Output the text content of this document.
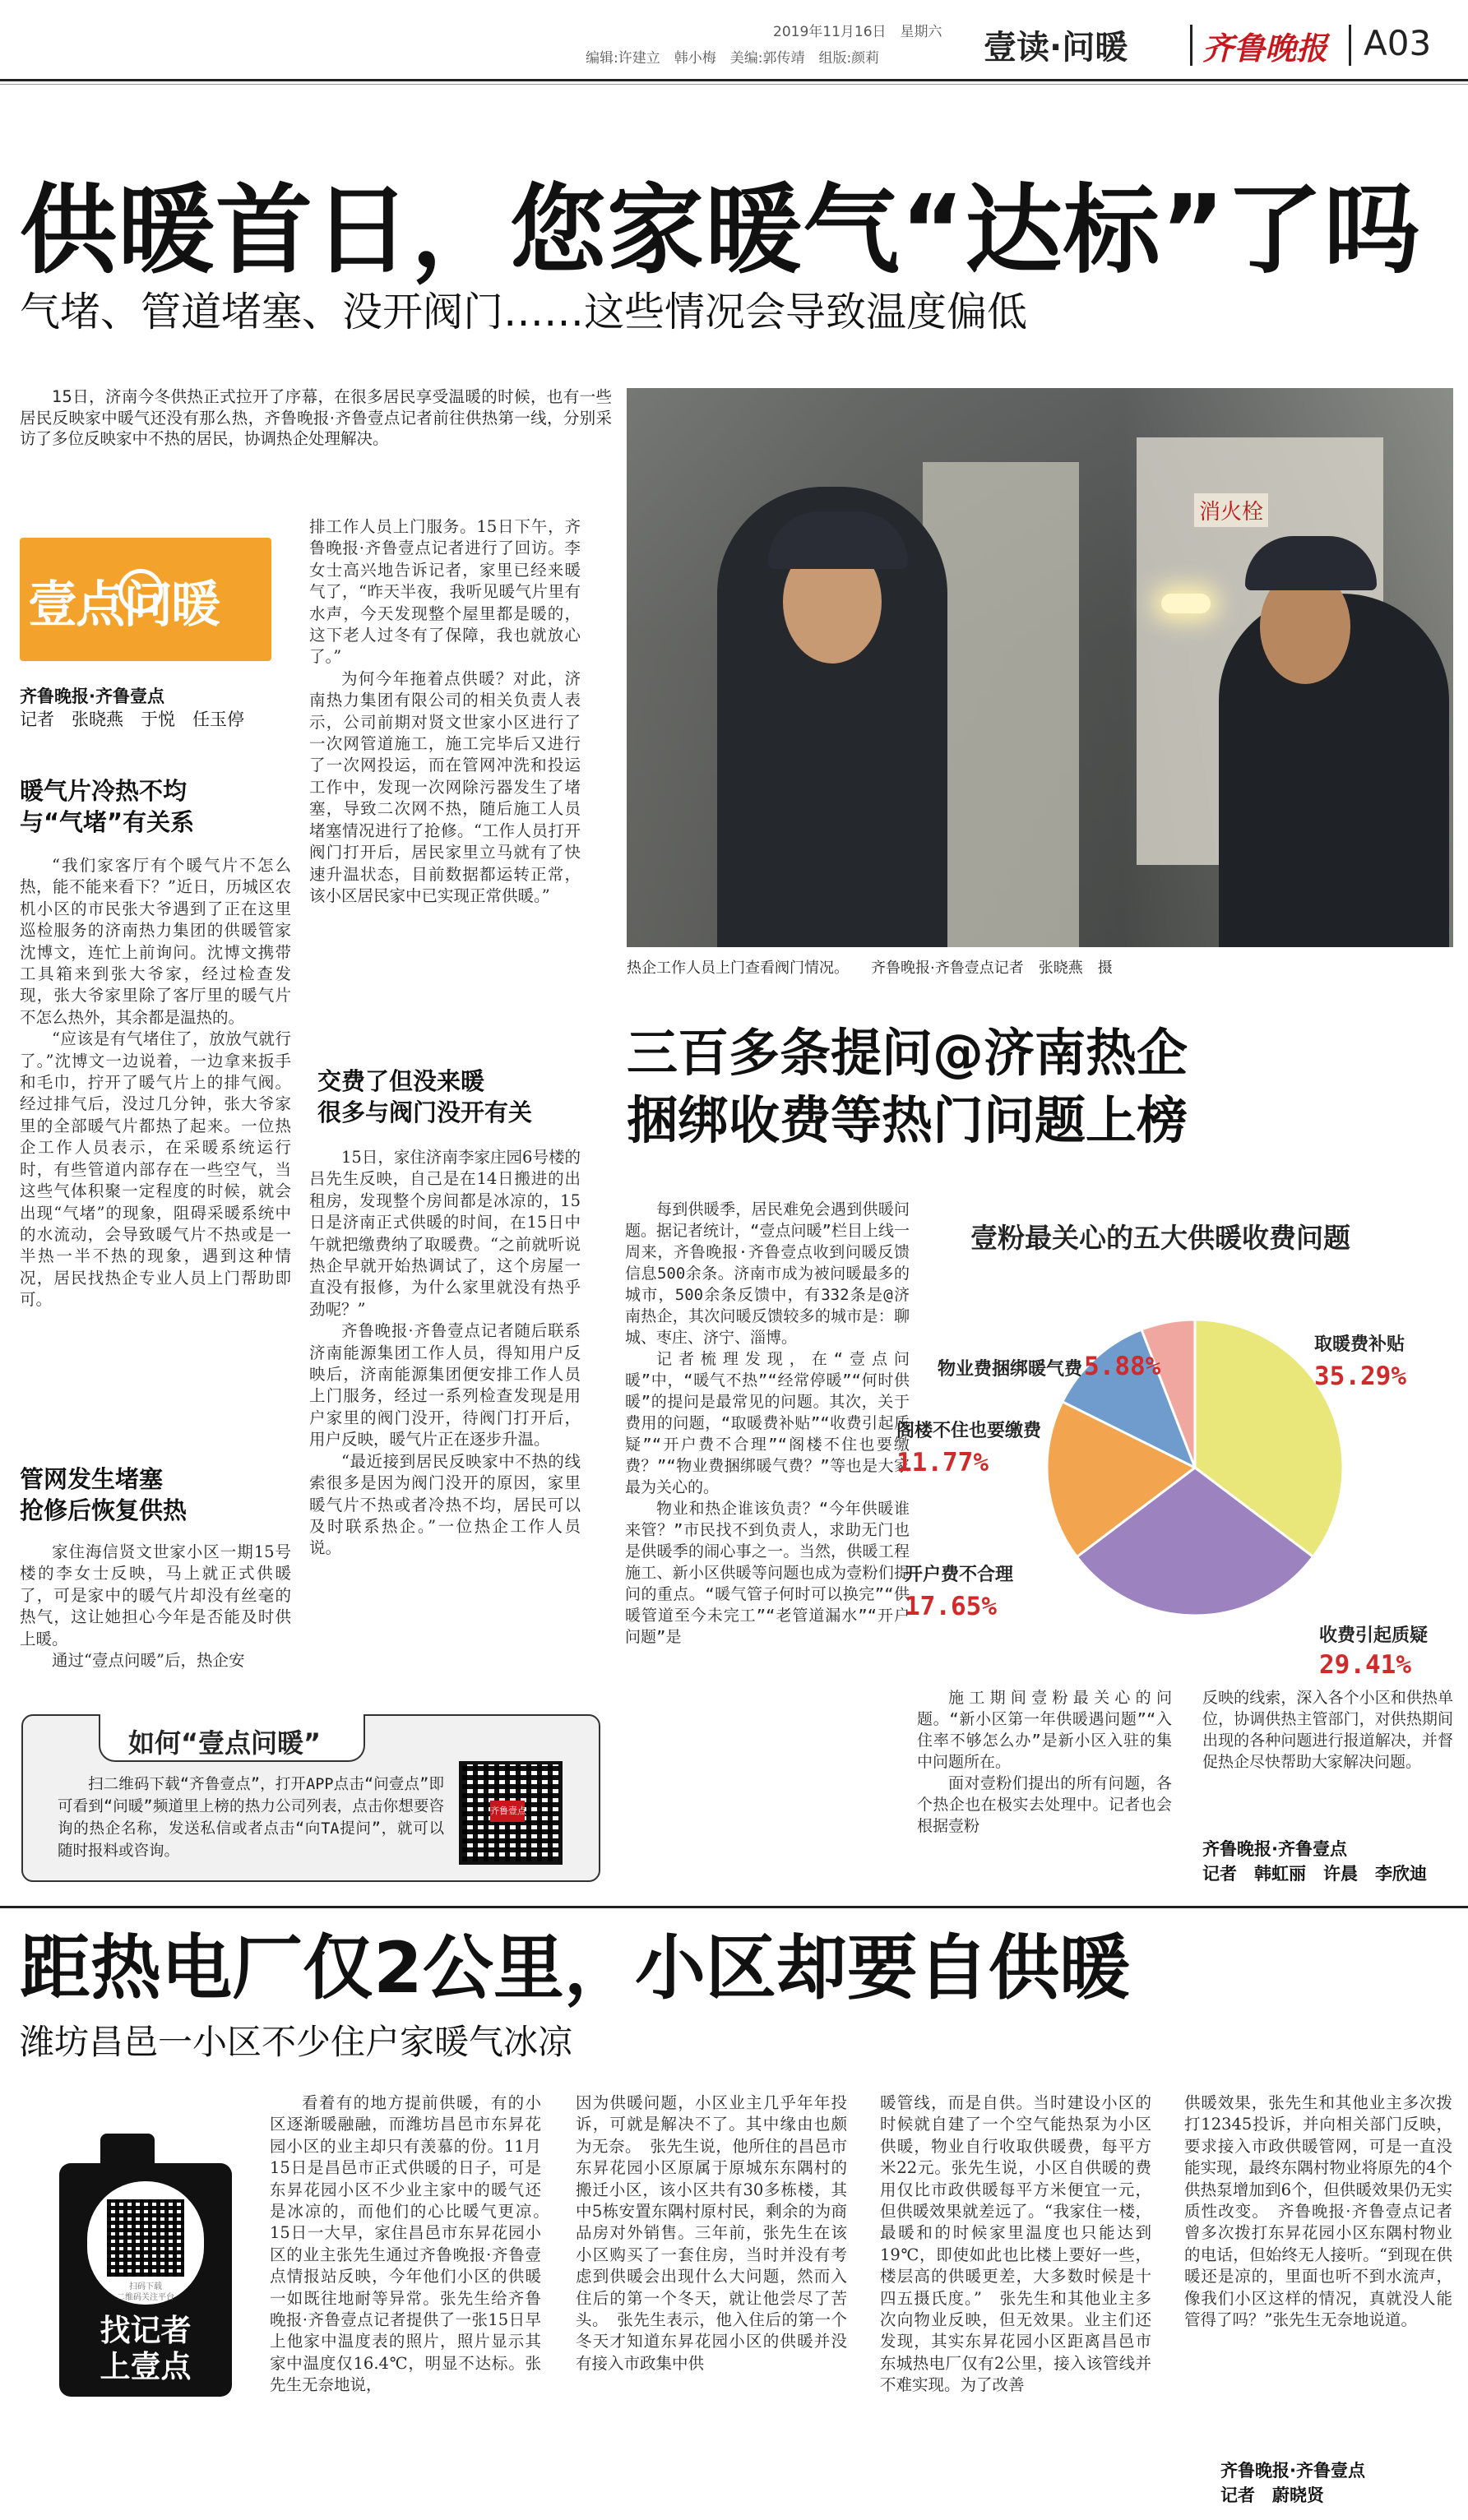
2019年11月16日　 星期六
编辑:许建立　韩小梅　美编:郭传靖　组版:颜莉	壹读·问暖 齐鲁晚报 A03
供暖首日，您家暖气“达标”了吗
气堵、管道堵塞、没开阀门……这些情况会导致温度偏低

15日，济南今冬供热正式拉开了序幕，在很多居民享受温暖的时候，也有一些居民反映家中暖气还没有那么热，齐鲁晚报·齐鲁壹点记者前往供热第一线，分别采访了多位反映家中不热的居民，协调热企处理解决。

壹点问暖
齐鲁晚报·齐鲁壹点
记者　张晓燕　于悦　任玉停
暖气片冷热不均
与“气堵”有关系

“我们家客厅有个暖气片不怎么热，能不能来看下？”近日，历城区农机小区的市民张大爷遇到了正在这里巡检服务的济南热力集团的供暖管家沈博文，连忙上前询问。沈博文携带工具箱来到张大爷家，经过检查发现，张大爷家里除了客厅里的暖气片不怎么热外，其余都是温热的。

“应该是有气堵住了，放放气就行了。”沈博文一边说着，一边拿来扳手和毛巾，拧开了暖气片上的排气阀。经过排气后，没过几分钟，张大爷家里的全部暖气片都热了起来。一位热企工作人员表示，在采暖系统运行时，有些管道内部存在一些空气，当这些气体积聚一定程度的时候，就会出现“气堵”的现象，阻碍采暖系统中的水流动，会导致暖气片不热或是一半热一半不热的现象，遇到这种情况，居民找热企专业人员上门帮助即可。

管网发生堵塞
抢修后恢复供热

家住海信贤文世家小区一期15号楼的李女士反映，马上就正式供暖了，可是家中的暖气片却没有丝毫的热气，这让她担心今年是否能及时供上暖。

通过“壹点问暖”后，热企安

排工作人员上门服务。15日下午，齐鲁晚报·齐鲁壹点记者进行了回访。李女士高兴地告诉记者，家里已经来暖气了，“昨天半夜，我听见暖气片里有水声，今天发现整个屋里都是暖的，这下老人过冬有了保障，我也就放心了。”

为何今年拖着点供暖？对此，济南热力集团有限公司的相关负责人表示，公司前期对贤文世家小区进行了一次网管道施工，施工完毕后又进行了一次网投运，而在管网冲洗和投运工作中，发现一次网除污器发生了堵塞，导致二次网不热，随后施工人员堵塞情况进行了抢修。“工作人员打开阀门打开后，居民家里立马就有了快速升温状态，目前数据都运转正常，该小区居民家中已实现正常供暖。”

交费了但没来暖
很多与阀门没开有关

15日，家住济南李家庄园6号楼的吕先生反映，自己是在14日搬进的出租房，发现整个房间都是冰凉的，15日是济南正式供暖的时间，在15日中午就把缴费纳了取暖费。“之前就听说热企早就开始热调试了，这个房屋一直没有报修，为什么家里就没有热乎劲呢？”

齐鲁晚报·齐鲁壹点记者随后联系济南能源集团工作人员，得知用户反映后，济南能源集团便安排工作人员上门服务，经过一系列检查发现是用户家里的阀门没开，待阀门打开后，用户反映，暖气片正在逐步升温。

“最近接到居民反映家中不热的线索很多是因为阀门没开的原因，家里暖气片不热或者冷热不均，居民可以及时联系热企。”一位热企工作人员说。

消火栓
热企工作人员上门查看阀门情况。　　齐鲁晚报·齐鲁壹点记者　张晓燕　摄
三百多条提问@济南热企
捆绑收费等热门问题上榜

每到供暖季，居民难免会遇到供暖问题。据记者统计，“壹点问暖”栏目上线一周来，齐鲁晚报·齐鲁壹点收到问暖反馈信息500余条。济南市成为被问暖最多的城市，500余条反馈中，有332条是@济南热企，其次问暖反馈较多的城市是：聊城、枣庄、济宁、淄博。

记者梳理发现，在“壹点问暖”中，“暖气不热”“经常停暖”“何时供暖”的提问是最常见的问题。其次，关于费用的问题，“取暖费补贴”“收费引起质疑”“开户费不合理”“阁楼不住也要缴费？”“物业费捆绑暖气费？”等也是大家最为关心的。

物业和热企谁该负责？“今年供暖谁来管？”市民找不到负责人，求助无门也是供暖季的闹心事之一。当然，供暖工程施工、新小区供暖等问题也成为壹粉们提问的重点。“暖气管子何时可以换完”“供暖管道至今未完工”“老管道漏水”“开户问题”是

壹粉最关心的五大供暖收费问题
取暖费补贴
35.29%
收费引起质疑
29.41%
开户费不合理
17.65%
阁楼不住也要缴费
11.77%
物业费捆绑暖气费 5.88%

施工期间壹粉最关心的问题。“新小区第一年供暖遇问题”“入住率不够怎么办”是新小区入驻的集中问题所在。

面对壹粉们提出的所有问题，各个热企也在极实去处理中。记者也会根据壹粉

反映的线索，深入各个小区和供热单位，协调供热主管部门，对供热期间出现的各种问题进行报道解决，并督促热企尽快帮助大家解决问题。

齐鲁晚报·齐鲁壹点
记者　韩虹丽　许晨　李欣迪
如何“壹点问暖”

扫二维码下载“齐鲁壹点”，打开APP点击“问壹点”即可看到“问暖”频道里上榜的热力公司列表，点击你想要咨询的热企名称，发送私信或者点击“向TA提问”，就可以随时报料或咨询。

齐鲁壹点
距热电厂仅2公里，小区却要自供暖
潍坊昌邑一小区不少住户家暖气冰凉
扫码下载
二维码关注平台
找记者
上壹点

看着有的地方提前供暖，有的小区逐渐暖融融，而潍坊昌邑市东昇花园小区的业主却只有羡慕的份。11月15日是昌邑市正式供暖的日子，可是东昇花园小区不少业主家中的暖气还是冰凉的，而他们的心比暖气更凉。　15日一大早，家住昌邑市东昇花园小区的业主张先生通过齐鲁晚报·齐鲁壹点情报站反映，今年他们小区的供暖一如既往地耐等异常。张先生给齐鲁晚报·齐鲁壹点记者提供了一张15日早上他家中温度表的照片，照片显示其家中温度仅16.4℃，明显不达标。张先生无奈地说，

因为供暖问题，小区业主几乎年年投诉，可就是解决不了。其中缘由也颇为无奈。　张先生说，他所住的昌邑市东昇花园小区原属于原城东东隅村的搬迁小区，该小区共有30多栋楼，其中5栋安置东隅村原村民，剩余的为商品房对外销售。三年前，张先生在该小区购买了一套住房，当时并没有考虑到供暖会出现什么大问题，然而入住后的第一个冬天，就让他尝尽了苦头。　张先生表示，他入住后的第一个冬天才知道东昇花园小区的供暖并没有接入市政集中供

暖管线，而是自供。当时建设小区的时候就自建了一个空气能热泵为小区供暖，物业自行收取供暖费，每平方米22元。张先生说，小区自供暖的费用仅比市政供暖每平方米便宜一元，但供暖效果就差远了。“我家住一楼，最暖和的时候家里温度也只能达到19℃，即使如此也比楼上要好一些，楼层高的供暖更差，大多数时候是十四五摄氏度。”　张先生和其他业主多次向物业反映，但无效果。业主们还发现，其实东昇花园小区距离昌邑市东城热电厂仅有2公里，接入该管线并不难实现。为了改善

供暖效果，张先生和其他业主多次拨打12345投诉，并向相关部门反映，要求接入市政供暖管网，可是一直没能实现，最终东隅村物业将原先的4个供热泵增加到6个，但供暖效果仍无实质性改变。　齐鲁晚报·齐鲁壹点记者曾多次拨打东昇花园小区东隅村物业的电话，但始终无人接听。“到现在供暖还是凉的，里面也听不到水流声，像我们小区这样的情况，真就没人能管得了吗？”张先生无奈地说道。

齐鲁晚报·齐鲁壹点
记者　蔚晓贤
